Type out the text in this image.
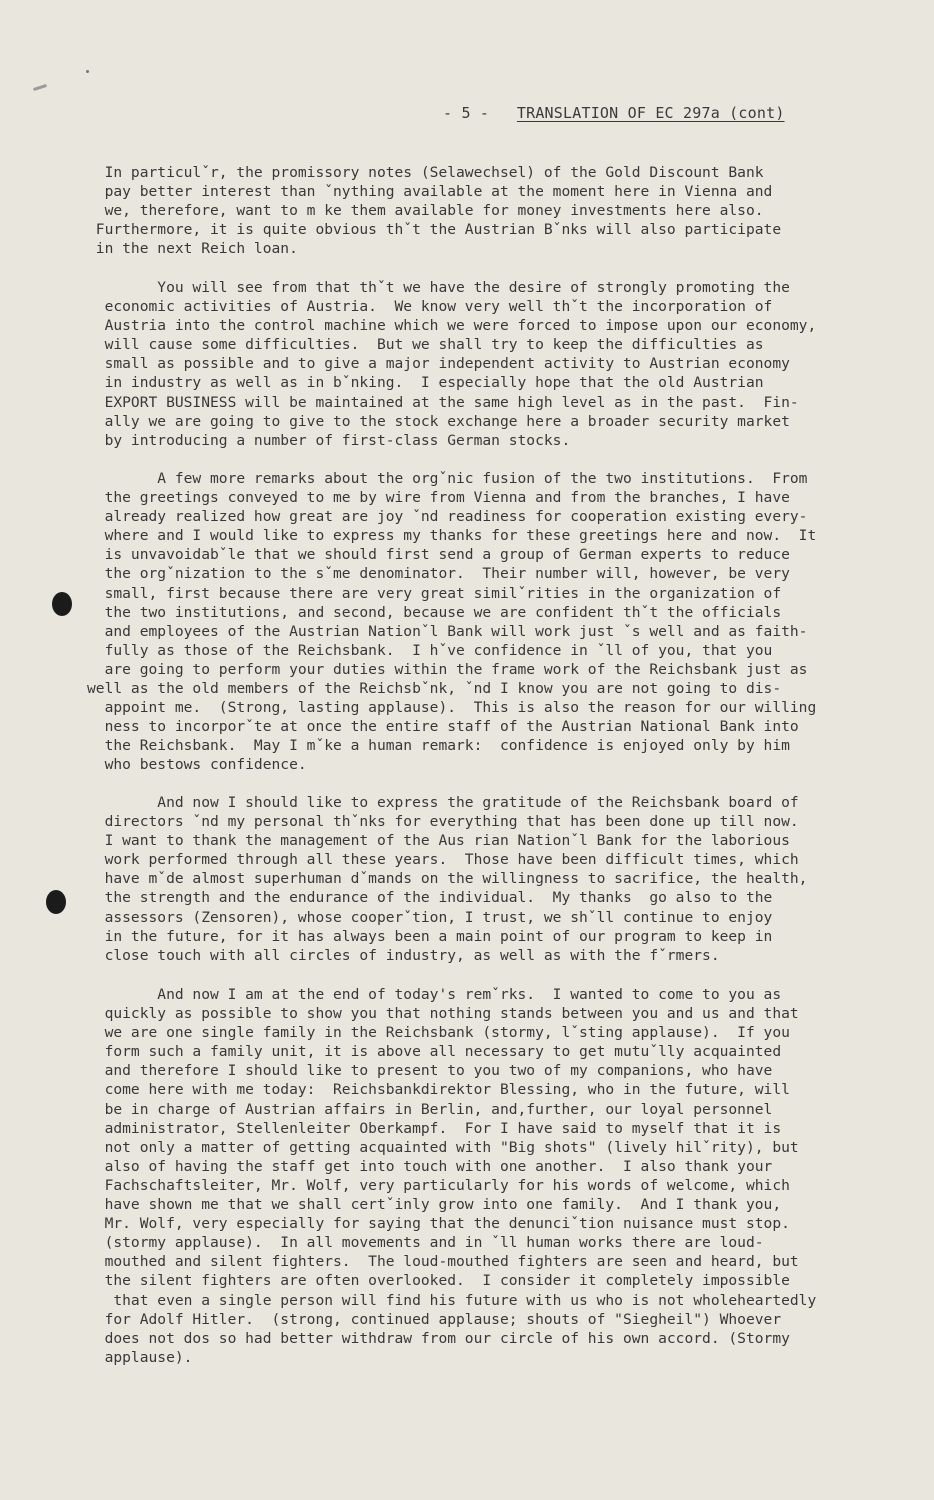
- 5 - TRANSLATION OF EC 297a (cont)
In particulˇr, the promissory notes (Selawechsel) of the Gold Discount Bank
pay better interest than ˇnything available at the moment here in Vienna and
we, therefore, want to m ke them available for money investments here also.
Furthermore, it is quite obvious thˇt the Austrian Bˇnks will also participate
in the next Reich loan.
You will see from that thˇt we have the desire of strongly promoting the
economic activities of Austria.  We know very well thˇt the incorporation of
Austria into the control machine which we were forced to impose upon our economy,
will cause some difficulties.  But we shall try to keep the difficulties as
small as possible and to give a major independent activity to Austrian economy
in industry as well as in bˇnking.  I especially hope that the old Austrian
EXPORT BUSINESS will be maintained at the same high level as in the past.  Fin-
ally we are going to give to the stock exchange here a broader security market
by introducing a number of first-class German stocks.
A few more remarks about the orgˇnic fusion of the two institutions.  From
the greetings conveyed to me by wire from Vienna and from the branches, I have
already realized how great are joy ˇnd readiness for cooperation existing every-
where and I would like to express my thanks for these greetings here and now.  It
is unvavoidabˇle that we should first send a group of German experts to reduce
the orgˇnization to the sˇme denominator.  Their number will, however, be very
small, first because there are very great similˇrities in the organization of
the two institutions, and second, because we are confident thˇt the officials
and employees of the Austrian Nationˇl Bank will work just ˇs well and as faith-
fully as those of the Reichsbank.  I hˇve confidence in ˇll of you, that you
are going to perform your duties within the frame work of the Reichsbank just as
well as the old members of the Reichsbˇnk, ˇnd I know you are not going to dis-
appoint me.  (Strong, lasting applause).  This is also the reason for our willing
ness to incorporˇte at once the entire staff of the Austrian National Bank into
the Reichsbank.  May I mˇke a human remark:  confidence is enjoyed only by him
who bestows confidence.
And now I should like to express the gratitude of the Reichsbank board of
directors ˇnd my personal thˇnks for everything that has been done up till now.
I want to thank the management of the Aus rian Nationˇl Bank for the laborious
work performed through all these years.  Those have been difficult times, which
have mˇde almost superhuman dˇmands on the willingness to sacrifice, the health,
the strength and the endurance of the individual.  My thanks  go also to the
assessors (Zensoren), whose cooperˇtion, I trust, we shˇll continue to enjoy
in the future, for it has always been a main point of our program to keep in
close touch with all circles of industry, as well as with the fˇrmers.
And now I am at the end of today's remˇrks.  I wanted to come to you as
quickly as possible to show you that nothing stands between you and us and that
we are one single family in the Reichsbank (stormy, lˇsting applause).  If you
form such a family unit, it is above all necessary to get mutuˇlly acquainted
and therefore I should like to present to you two of my companions, who have
come here with me today:  Reichsbankdirektor Blessing, who in the future, will
be in charge of Austrian affairs in Berlin, and,further, our loyal personnel
administrator, Stellenleiter Oberkampf.  For I have said to myself that it is
not only a matter of getting acquainted with "Big shots" (lively hilˇrity), but
also of having the staff get into touch with one another.  I also thank your
Fachschaftsleiter, Mr. Wolf, very particularly for his words of welcome, which
have shown me that we shall certˇinly grow into one family.  And I thank you,
Mr. Wolf, very especially for saying that the denunciˇtion nuisance must stop.
(stormy applause).  In all movements and in ˇll human works there are loud-
mouthed and silent fighters.  The loud-mouthed fighters are seen and heard, but
the silent fighters are often overlooked.  I consider it completely impossible
that even a single person will find his future with us who is not wholeheartedly
for Adolf Hitler.  (strong, continued applause; shouts of "Siegheil") Whoever
does not dos so had better withdraw from our circle of his own accord. (Stormy
applause).
